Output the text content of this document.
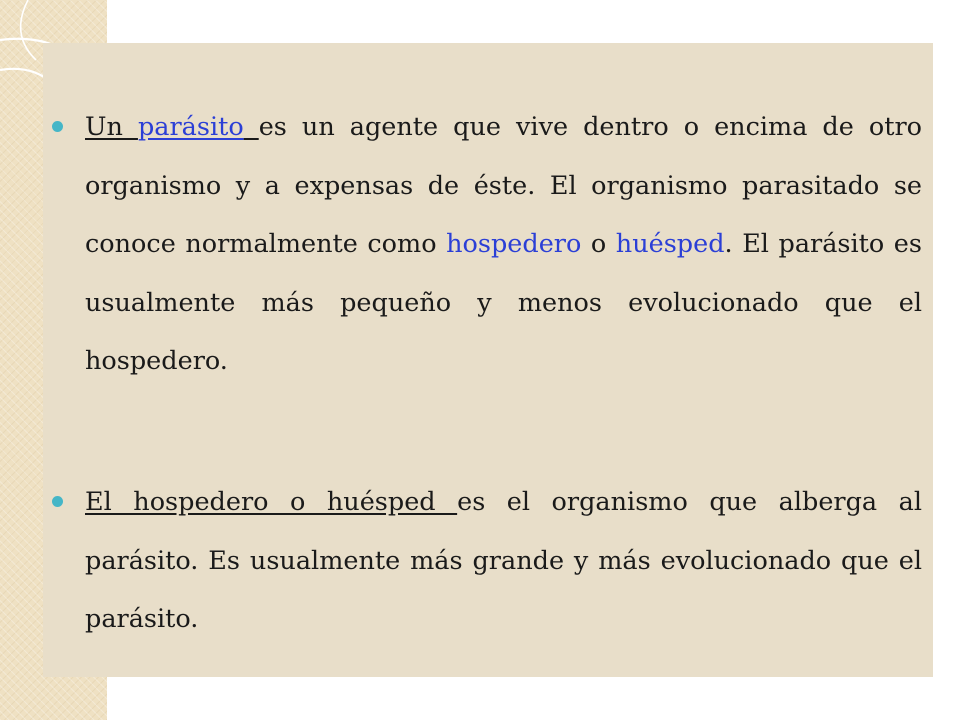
Un parásito es un agente que vive dentro o encima de otro organismo y a expensas de éste. El organismo parasitado se conoce normalmente como hospedero o huésped. El parásito es usualmente más pequeño y menos evolucionado que el hospedero.
El hospedero o huésped es el organismo que alberga al parásito. Es usualmente más grande y más evolucionado que el parásito.
